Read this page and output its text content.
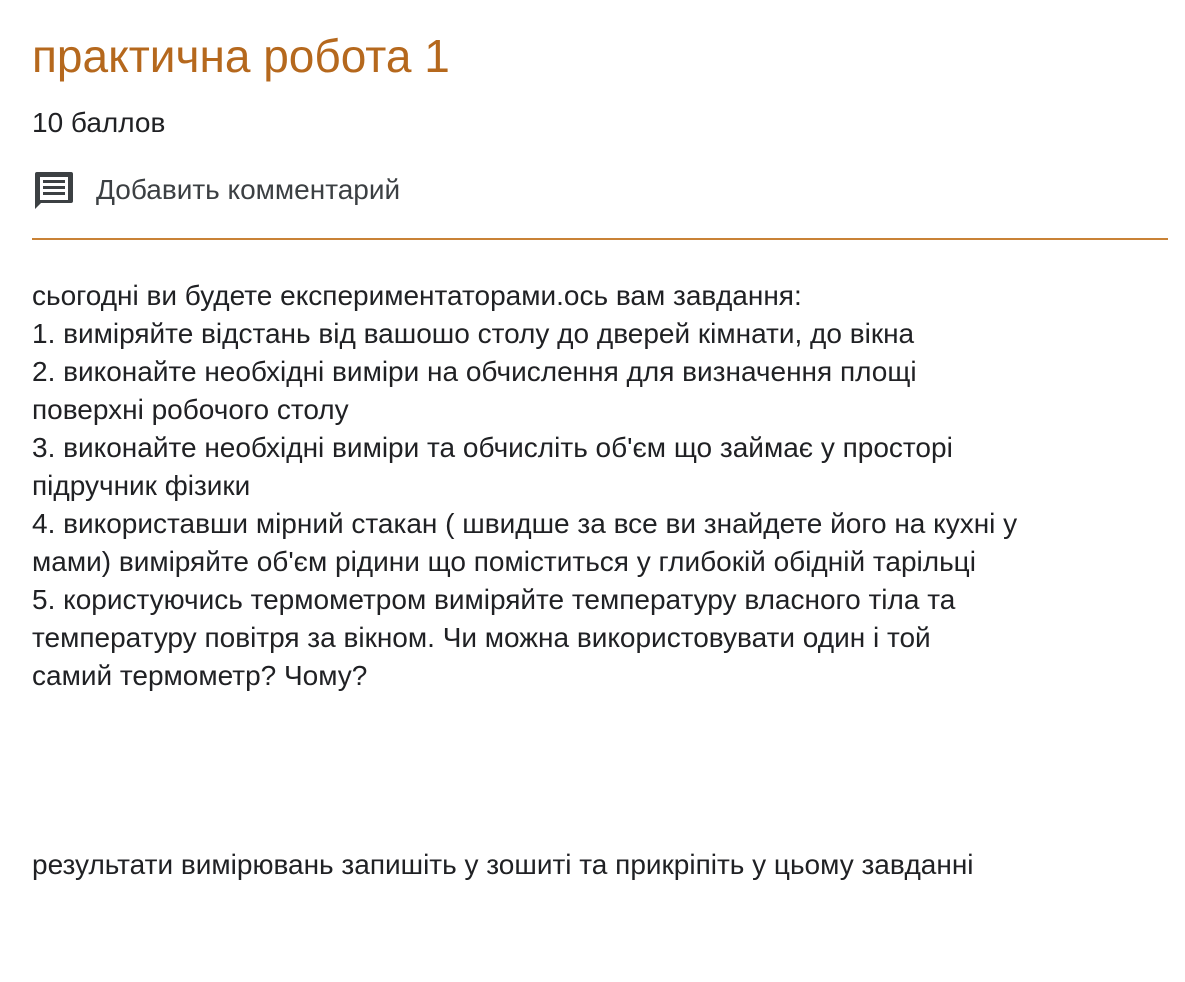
практична робота 1
10 баллов
Добавить комментарий
сьогодні ви будете експериментаторами.ось вам завдання:
1. виміряйте відстань від вашошо столу до дверей кімнати, до вікна
2. виконайте необхідні виміри на обчислення для визначення площі
поверхні робочого столу
3. виконайте необхідні виміри та обчисліть об'єм що займає у просторі
підручник фізики
4. використавши мірний стакан ( швидше за все ви знайдете його на кухні у
мами) виміряйте об'єм рідини що поміститься у глибокій обідній тарільці
5. користуючись термометром виміряйте температуру власного тіла та
температуру повітря за вікном. Чи можна використовувати один і той
самий термометр? Чому?
результати вимірювань запишіть у зошиті та прикріпіть у цьому завданні
